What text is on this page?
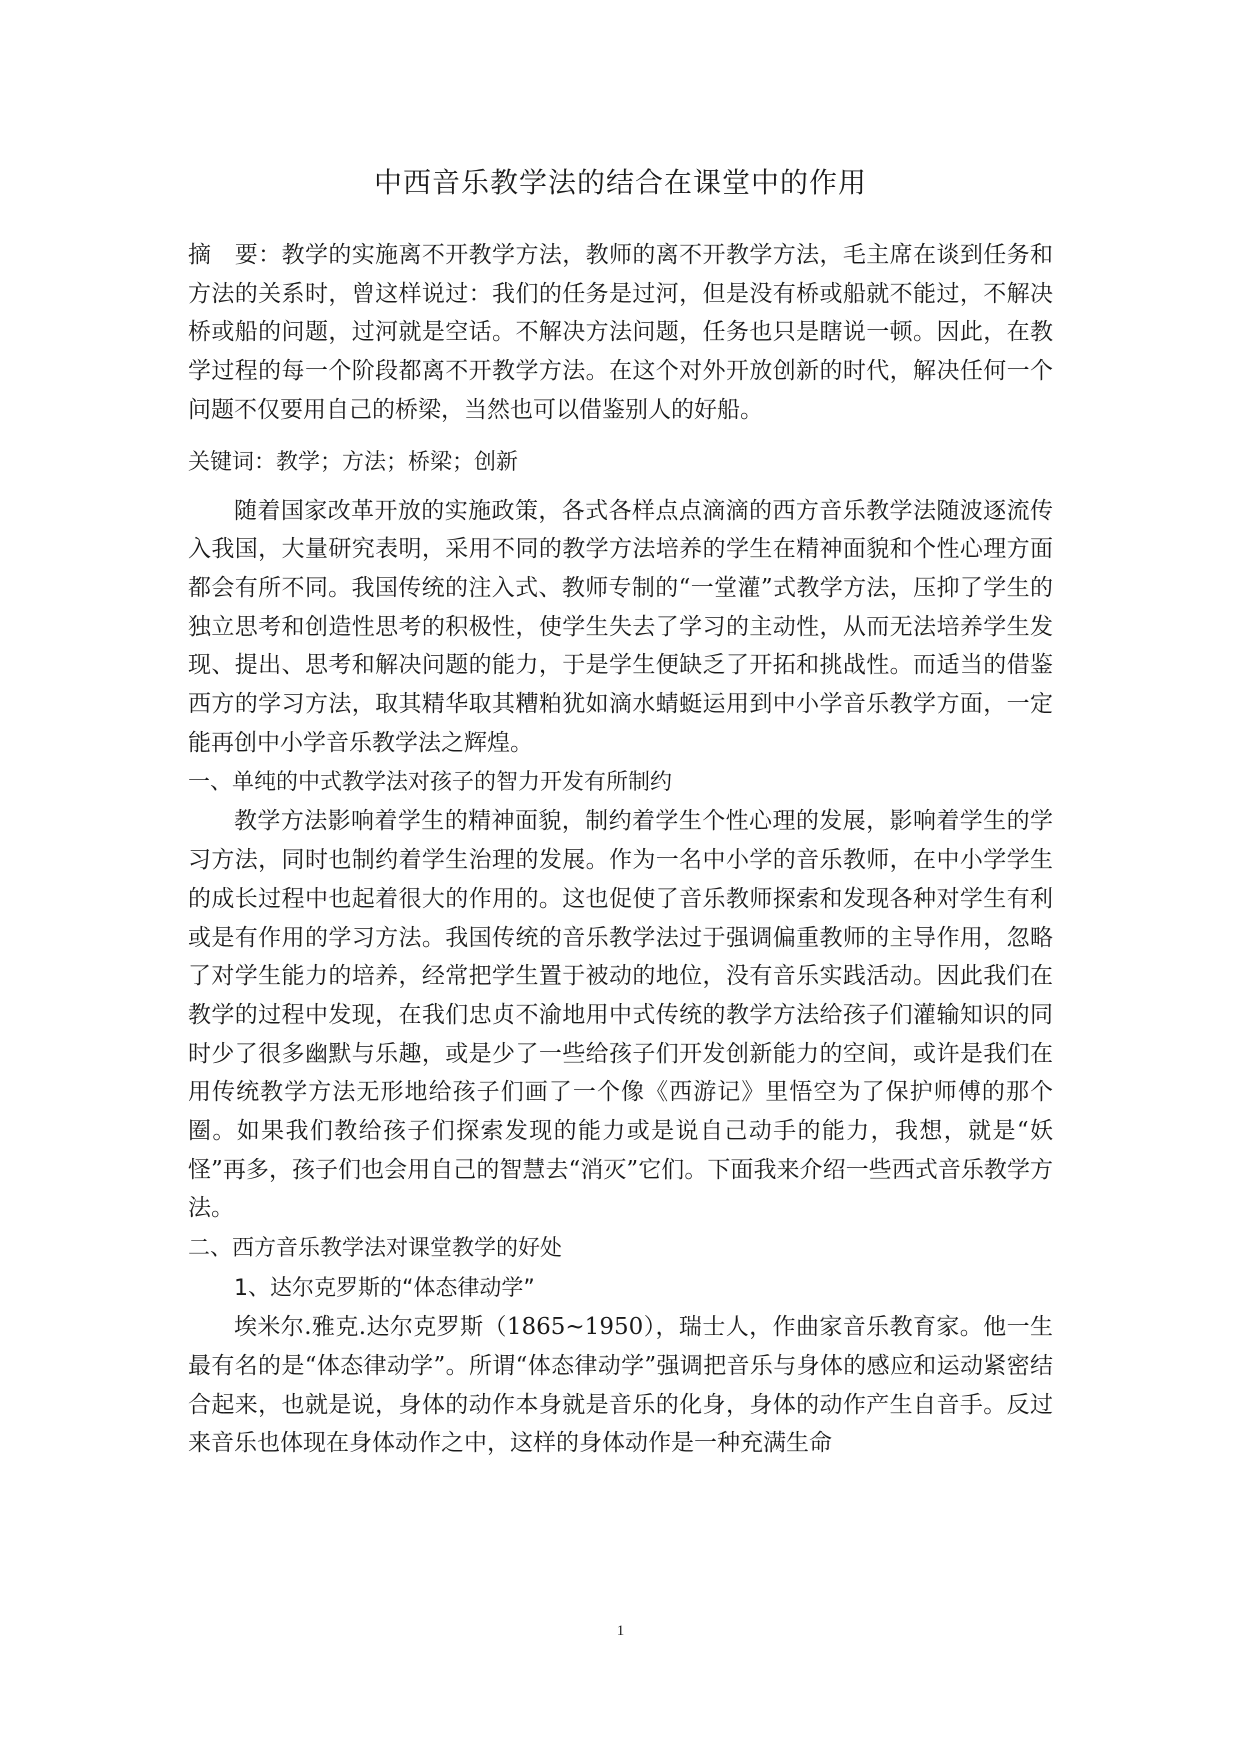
中西音乐教学法的结合在课堂中的作用

摘　要：教学的实施离不开教学方法，教师的离不开教学方法，毛主席在谈到任务和方法的关系时，曾这样说过：我们的任务是过河，但是没有桥或船就不能过，不解决桥或船的问题，过河就是空话。不解决方法问题，任务也只是瞎说一顿。因此，在教学过程的每一个阶段都离不开教学方法。在这个对外开放创新的时代，解决任何一个问题不仅要用自己的桥梁，当然也可以借鉴别人的好船。

关键词：教学；方法；桥梁；创新

随着国家改革开放的实施政策，各式各样点点滴滴的西方音乐教学法随波逐流传入我国，大量研究表明，采用不同的教学方法培养的学生在精神面貌和个性心理方面都会有所不同。我国传统的注入式、教师专制的“一堂灌”式教学方法，压抑了学生的独立思考和创造性思考的积极性，使学生失去了学习的主动性，从而无法培养学生发现、提出、思考和解决问题的能力，于是学生便缺乏了开拓和挑战性。而适当的借鉴西方的学习方法，取其精华取其糟粕犹如滴水蜻蜓运用到中小学音乐教学方面，一定能再创中小学音乐教学法之辉煌。

一、单纯的中式教学法对孩子的智力开发有所制约

教学方法影响着学生的精神面貌，制约着学生个性心理的发展，影响着学生的学习方法，同时也制约着学生治理的发展。作为一名中小学的音乐教师，在中小学学生的成长过程中也起着很大的作用的。这也促使了音乐教师探索和发现各种对学生有利或是有作用的学习方法。我国传统的音乐教学法过于强调偏重教师的主导作用，忽略了对学生能力的培养，经常把学生置于被动的地位，没有音乐实践活动。因此我们在教学的过程中发现，在我们忠贞不渝地用中式传统的教学方法给孩子们灌输知识的同时少了很多幽默与乐趣，或是少了一些给孩子们开发创新能力的空间，或许是我们在用传统教学方法无形地给孩子们画了一个像《西游记》里悟空为了保护师傅的那个圈。如果我们教给孩子们探索发现的能力或是说自己动手的能力，我想，就是“妖怪”再多，孩子们也会用自己的智慧去“消灭”它们。下面我来介绍一些西式音乐教学方法。

二、西方音乐教学法对课堂教学的好处
1、达尔克罗斯的“体态律动学”

埃米尔.雅克.达尔克罗斯（1865~1950），瑞士人，作曲家音乐教育家。他一生最有名的是“体态律动学”。所谓“体态律动学”强调把音乐与身体的感应和运动紧密结合起来，也就是说，身体的动作本身就是音乐的化身，身体的动作产生自音手。反过来音乐也体现在身体动作之中，这样的身体动作是一种充满生命

1
